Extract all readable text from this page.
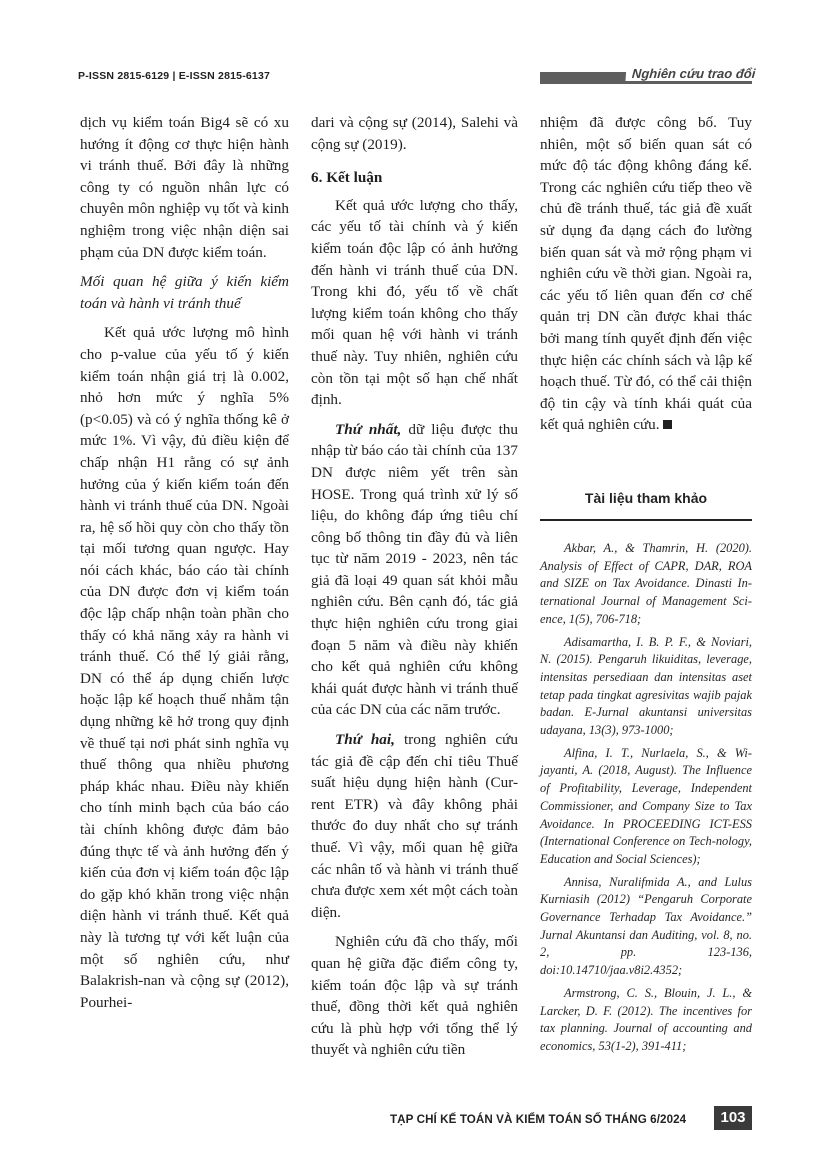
P-ISSN 2815-6129 | E-ISSN 2815-6137	Nghiên cứu trao đổi

dịch vụ kiểm toán Big4 sẽ có xu hướng ít động cơ thực hiện hành vi tránh thuế. Bởi đây là những công ty có nguồn nhân lực có chuyên môn nghiệp vụ tốt và kinh nghiệm trong việc nhận diện sai phạm của DN được kiểm toán.

Mối quan hệ giữa ý kiến kiểm toán và hành vi tránh thuế

Kết quả ước lượng mô hình cho p-value của yếu tố ý kiến kiểm toán nhận giá trị là 0.002, nhỏ hơn mức ý nghĩa 5% (p<0.05) và có ý nghĩa thống kê ở mức 1%. Vì vậy, đủ điều kiện để chấp nhận H1 rằng có sự ảnh hưởng của ý kiến kiểm toán đến hành vi tránh thuế của DN. Ngoài ra, hệ số hồi quy còn cho thấy tồn tại mối tương quan ngược. Hay nói cách khác, báo cáo tài chính của DN được đơn vị kiểm toán độc lập chấp nhận toàn phần cho thấy có khả năng xảy ra hành vi tránh thuế. Có thể lý giải rằng, DN có thể áp dụng chiến lược hoặc lập kế hoạch thuế nhằm tận dụng những kẽ hở trong quy định về thuế tại nơi phát sinh nghĩa vụ thuế thông qua nhiều phương pháp khác nhau. Điều này khiến cho tính minh bạch của báo cáo tài chính không được đảm bảo đúng thực tế và ảnh hưởng đến ý kiến của đơn vị kiểm toán độc lập do gặp khó khăn trong việc nhận diện hành vi tránh thuế. Kết quả này là tương tự với kết luận của một số nghiên cứu, như Balakrish-nan và cộng sự (2012), Pourhei-

dari và cộng sự (2014), Salehi và cộng sự (2019).

6. Kết luận

Kết quả ước lượng cho thấy, các yếu tố tài chính và ý kiến kiểm toán độc lập có ảnh hưởng đến hành vi tránh thuế của DN. Trong khi đó, yếu tố về chất lượng kiểm toán không cho thấy mối quan hệ với hành vi tránh thuế này. Tuy nhiên, nghiên cứu còn tồn tại một số hạn chế nhất định.

Thứ nhất, dữ liệu được thu nhập từ báo cáo tài chính của 137 DN được niêm yết trên sàn HOSE. Trong quá trình xử lý số liệu, do không đáp ứng tiêu chí công bố thông tin đầy đủ và liên tục từ năm 2019 - 2023, nên tác giả đã loại 49 quan sát khỏi mẫu nghiên cứu. Bên cạnh đó, tác giả thực hiện nghiên cứu trong giai đoạn 5 năm và điều này khiến cho kết quả nghiên cứu không khái quát được hành vi tránh thuế của các DN của các năm trước.

Thứ hai, trong nghiên cứu tác giả đề cập đến chỉ tiêu Thuế suất hiệu dụng hiện hành (Cur-rent ETR) và đây không phải thước đo duy nhất cho sự tránh thuế. Vì vậy, mối quan hệ giữa các nhân tố và hành vi tránh thuế chưa được xem xét một cách toàn diện.

Nghiên cứu đã cho thấy, mối quan hệ giữa đặc điểm công ty, kiểm toán độc lập và sự tránh thuế, đồng thời kết quả nghiên cứu là phù hợp với tổng thể lý thuyết và nghiên cứu tiền

nhiệm đã được công bố. Tuy nhiên, một số biến quan sát có mức độ tác động không đáng kể. Trong các nghiên cứu tiếp theo về chủ đề tránh thuế, tác giả đề xuất sử dụng đa dạng cách đo lường biến quan sát và mở rộng phạm vi nghiên cứu về thời gian. Ngoài ra, các yếu tố liên quan đến cơ chế quản trị DN cần được khai thác bởi mang tính quyết định đến việc thực hiện các chính sách và lập kế hoạch thuế. Từ đó, có thể cải thiện độ tin cậy và tính khái quát của kết quả nghiên cứu.

Tài liệu tham khảo

Akbar, A., & Thamrin, H. (2020). Analysis of Effect of CAPR, DAR, ROA and SIZE on Tax Avoidance. Dinasti In-ternational Journal of Management Sci-ence, 1(5), 706-718;

Adisamartha, I. B. P. F., & Noviari, N. (2015). Pengaruh likuiditas, leverage, intensitas persediaan dan intensitas aset tetap pada tingkat agresivitas wajib pajak badan. E-Jurnal akuntansi universitas udayana, 13(3), 973-1000;

Alfina, I. T., Nurlaela, S., & Wi-jayanti, A. (2018, August). The Influence of Profitability, Leverage, Independent Commissioner, and Company Size to Tax Avoidance. In PROCEEDING ICT-ESS (International Conference on Tech-nology, Education and Social Sciences);

Annisa, Nuralifmida A., and Lulus Kurniasih (2012) “Pengaruh Corporate Governance Terhadap Tax Avoidance.” Jurnal Akuntansi dan Auditing, vol. 8, no. 2, pp. 123-136, doi:10.14710/jaa.v8i2.4352;

Armstrong, C. S., Blouin, J. L., & Larcker, D. F. (2012). The incentives for tax planning. Journal of accounting and economics, 53(1-2), 391-411;

TẠP CHÍ KẾ TOÁN VÀ KIỂM TOÁN SỐ THÁNG 6/2024	103
